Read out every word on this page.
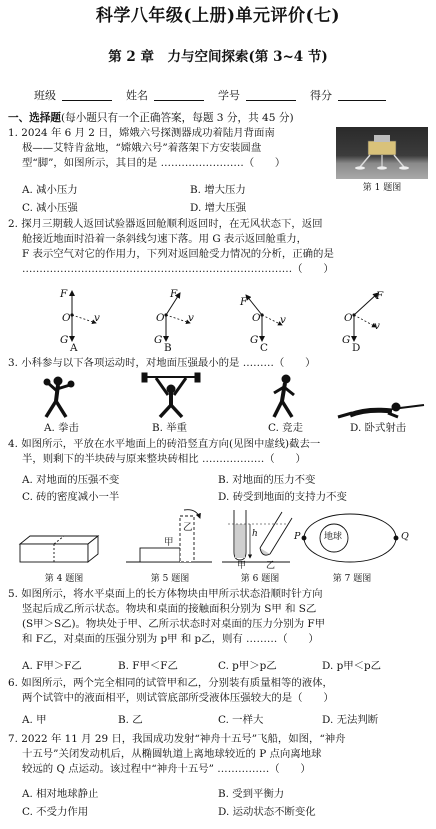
科学八年级(上册)单元评价(七)
第 2 章　力与空间探索(第 3~4 节)
班级	姓名	学号	得分
一、选择题(每小题只有一个正确答案，每题 3 分，共 45 分)
1. 2024 年 6 月 2 日，嫦娥六号探测器成功着陆月背面南
极——艾特肯盆地，“嫦娥六号”着落架下方安装圆盘
型“脚”，如图所示，其目的是 ……………………（　　）
A. 减小压力	B. 增大压力
C. 减小压强	D. 增大压强
第 1 题图
2. 探月三期载人返回试验器返回舱顺利返回时，在无风状态下，返回
舱接近地面时沿着一条斜线匀速下落。用 G 表示返回舱重力，
F 表示空气对它的作用力，下列对返回舱受力情况的分析，正确的是
……………………………………………………………………（　　）
F
O v
G
F
O v
G
F
O v
G
F
O
v
G
A	B	C	D
3. 小科参与以下各项运动时，对地面压强最小的是 ………（　　）
A. 拳击	B. 举重	C. 竞走	D. 卧式射击
4. 如图所示，平放在水平地面上的砖沿竖直方向(见图中虚线)截去一
半，则剩下的半块砖与原来整块砖相比 ………………（　　）
A. 对地面的压强不变	B. 对地面的压力不变
C. 砖的密度减小一半	D. 砖受到地面的支持力不变
甲
乙
甲 乙
h	P	地球	Q
第 4 题图	第 5 题图	第 6 题图	第 7 题图
5. 如图所示，将水平桌面上的长方体物块由甲所示状态沿顺时针方向
竖起后成乙所示状态。物块和桌面的接触面积分别为 S甲 和 S乙
(S甲＞S乙)。物块处于甲、乙所示状态时对桌面的压力分别为 F甲
和 F乙，对桌面的压强分别为 p甲 和 p乙，则有 ………（　　）
A. F甲＞F乙	B. F甲＜F乙	C. p甲＞p乙	D. p甲＜p乙
6. 如图所示，两个完全相同的试管甲和乙，分别装有质量相等的液体，
两个试管中的液面相平，则试管底部所受液体压强较大的是（　　）
A. 甲	B. 乙	C. 一样大	D. 无法判断
7. 2022 年 11 月 29 日，我国成功发射“神舟十五号”飞船，如图，“神舟
十五号”关闭发动机后，从椭圆轨道上离地球较近的 P 点向离地球
较远的 Q 点运动。该过程中“神舟十五号” ……………（　　）
A. 相对地球静止	B. 受到平衡力
C. 不受力作用	D. 运动状态不断变化
